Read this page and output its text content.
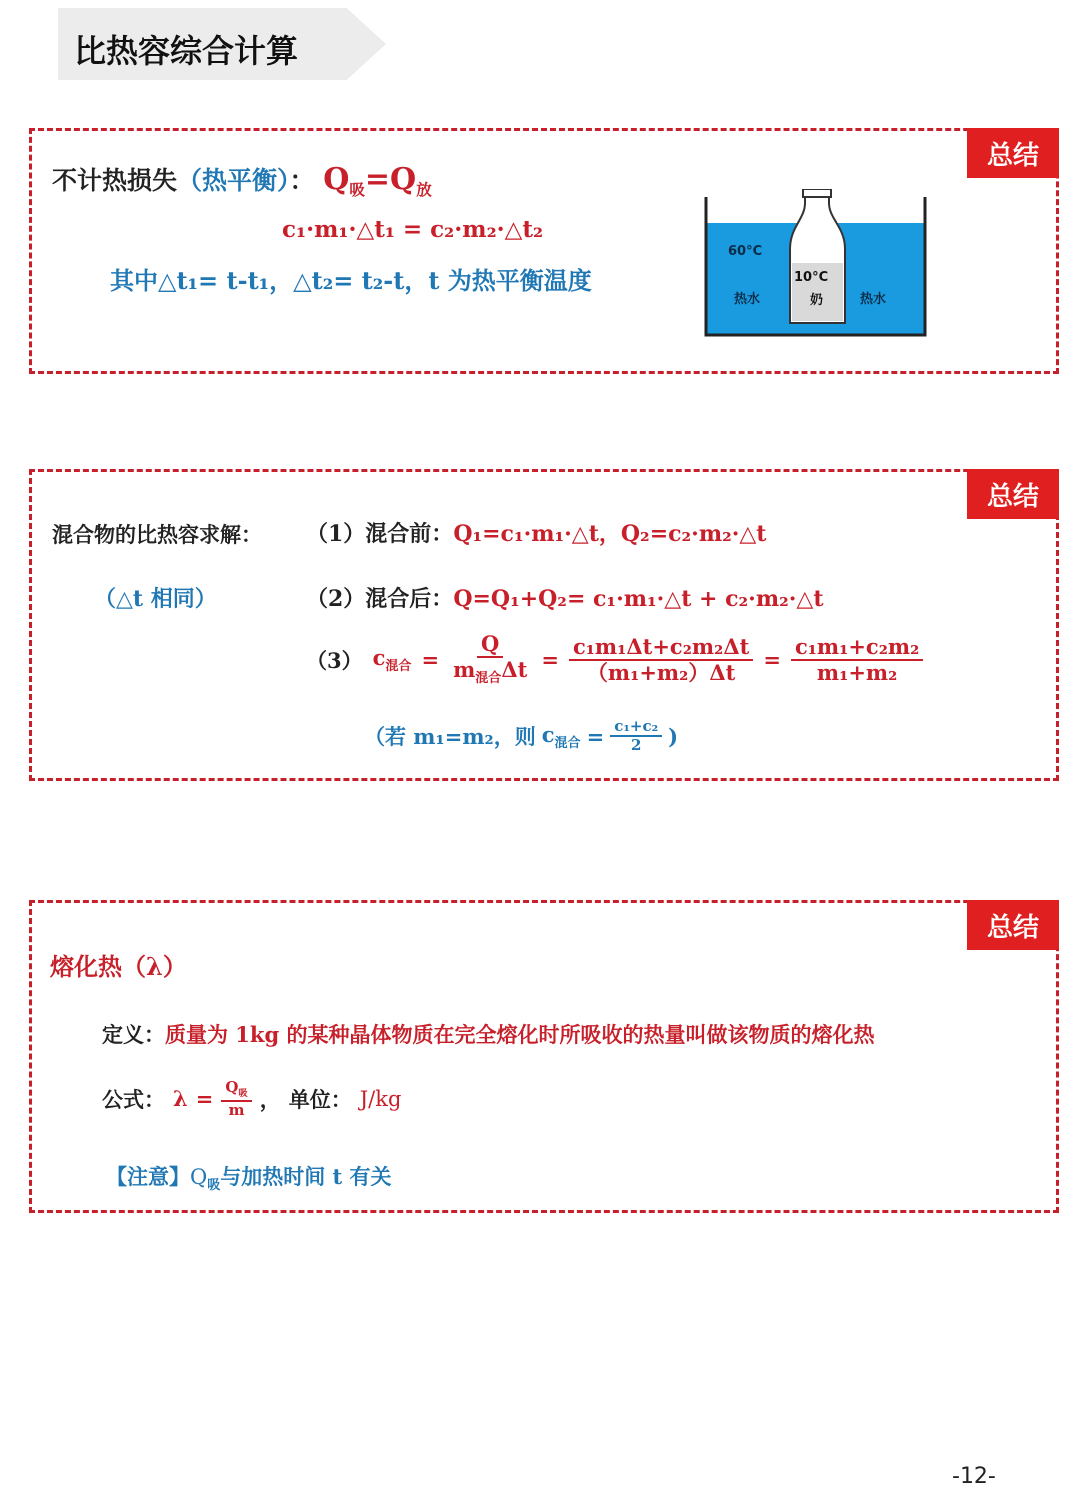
比热容综合计算
总结
不计热损失（热平衡）： $Q_吸=Q_放$
c₁·m₁·△t₁ = c₂·m₂·△t₂
其中△t₁= t-t₁，△t₂= t₂-t，t 为热平衡温度
60°C
热水	热水
10°C
奶
总结
混合物的比热容求解：
（△t 相同）
（1）混合前：Q₁=c₁·m₁·△t，Q₂=c₂·m₂·△t
（2）混合后：Q=Q₁+Q₂= c₁·m₁·△t + c₂·m₂·△t
（3） $c_{混合} = \frac{Q}{m_{混合}\Delta t} = \frac{\text{c₁m₁Δt+c₂m₂Δt}}{\text{（m₁+m₂）Δt}} = \frac{\text{c₁m₁+c₂m₂}}{\text{m₁+m₂}}$
（若 m₁=m₂，则 $c_{混合} = \frac{\text{c₁+c₂}}{2}$ )
总结
熔化热（λ）
定义：质量为 1kg 的某种晶体物质在完全熔化时所吸收的热量叫做该物质的熔化热
公式： $\lambda = \frac{Q_吸}{m}$ ， 单位： J/kg
【注意】$Q_吸$与加热时间 t 有关
-12-
